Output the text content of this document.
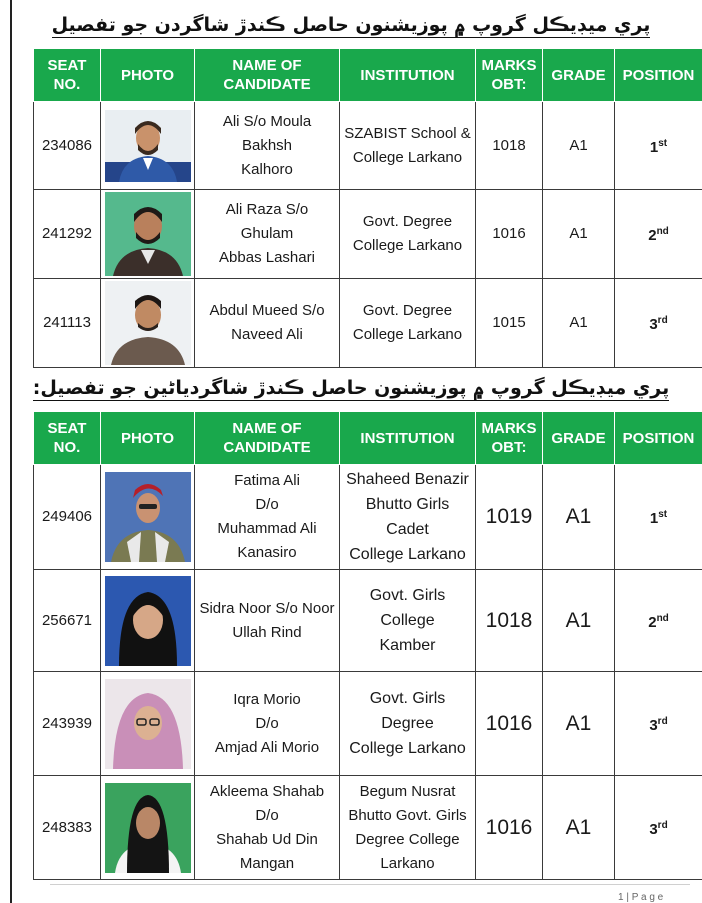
پري ميڊيڪل گروپ ۾ پوزيشنون حاصل ڪندڙ شاگردن جو تفصيل
SEAT
NO.	PHOTO	NAME OF
CANDIDATE	INSTITUTION	MARKS
OBT:	GRADE	POSITION
234086		Ali S/o Moula Bakhsh
Kalhoro	SZABIST School &
College Larkano	1018	A1	1st
241292		Ali Raza S/o Ghulam
Abbas Lashari	Govt. Degree
College Larkano	1016	A1	2nd
241113		Abdul Mueed S/o
Naveed Ali	Govt. Degree
College Larkano	1015	A1	3rd
پري ميڊيڪل گروپ ۾ پوزيشنون حاصل ڪندڙ شاگردياڻين جو تفصيل:
SEAT
NO.	PHOTO	NAME OF
CANDIDATE	INSTITUTION	MARKS
OBT:	GRADE	POSITION
249406		Fatima Ali
D/o
Muhammad Ali
Kanasiro	Shaheed Benazir
Bhutto Girls Cadet
College Larkano	1019	A1	1st
256671		Sidra Noor S/o Noor
Ullah Rind	Govt. Girls College
Kamber	1018	A1	2nd
243939		Iqra Morio
D/o
Amjad Ali Morio	Govt. Girls Degree
College Larkano	1016	A1	3rd
248383		Akleema Shahab D/o
Shahab Ud Din
Mangan	Begum Nusrat
Bhutto Govt. Girls
Degree College
Larkano	1016	A1	3rd
1 | P a g e
